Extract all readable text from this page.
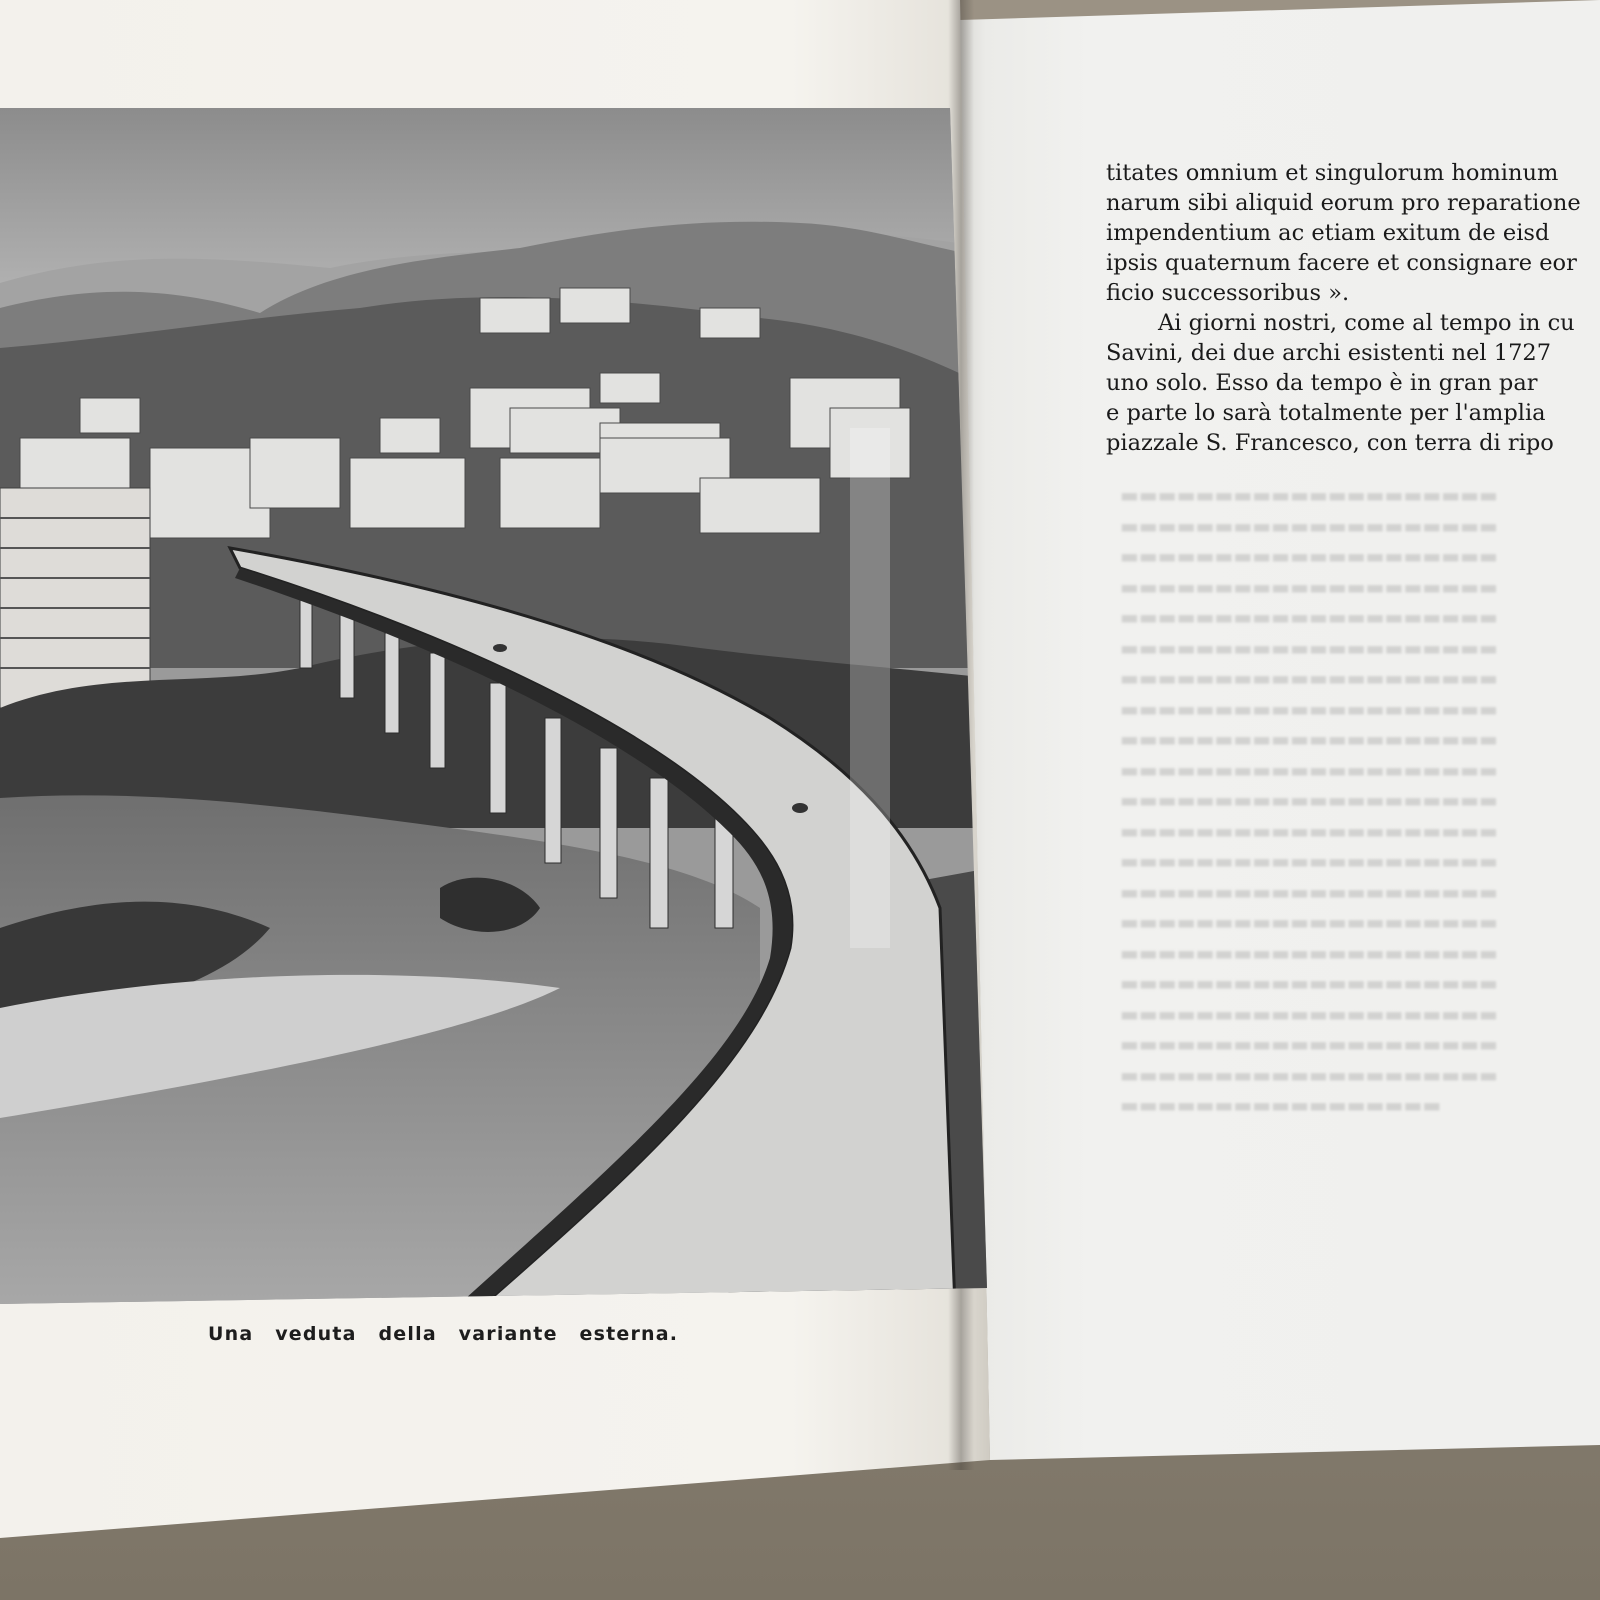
Una veduta della variante esterna.
titates omnium et singulorum hominum
narum sibi aliquid eorum pro reparatione
impendentium ac etiam exitum de eisd
ipsis quaternum facere et consignare eor
ficio successoribus ».
Ai giorni nostri, come al tempo in cu
Savini, dei due archi esistenti nel 1727
uno solo. Esso da tempo è in gran par
e parte lo sarà totalmente per l'amplia
piazzale S. Francesco, con terra di ripo
▬▬▬▬▬▬▬▬▬▬▬▬▬▬▬▬▬▬▬▬
▬▬▬▬▬▬▬▬▬▬▬▬▬▬▬▬▬▬▬▬
▬▬▬▬▬▬▬▬▬▬▬▬▬▬▬▬▬▬▬▬
▬▬▬▬▬▬▬▬▬▬▬▬▬▬▬▬▬▬▬▬
▬▬▬▬▬▬▬▬▬▬▬▬▬▬▬▬▬▬▬▬
▬▬▬▬▬▬▬▬▬▬▬▬▬▬▬▬▬▬▬▬
▬▬▬▬▬▬▬▬▬▬▬▬▬▬▬▬▬▬▬▬
▬▬▬▬▬▬▬▬▬▬▬▬▬▬▬▬▬▬▬▬
▬▬▬▬▬▬▬▬▬▬▬▬▬▬▬▬▬▬▬▬
▬▬▬▬▬▬▬▬▬▬▬▬▬▬▬▬▬▬▬▬
▬▬▬▬▬▬▬▬▬▬▬▬▬▬▬▬▬▬▬▬
▬▬▬▬▬▬▬▬▬▬▬▬▬▬▬▬▬▬▬▬
▬▬▬▬▬▬▬▬▬▬▬▬▬▬▬▬▬▬▬▬
▬▬▬▬▬▬▬▬▬▬▬▬▬▬▬▬▬▬▬▬
▬▬▬▬▬▬▬▬▬▬▬▬▬▬▬▬▬▬▬▬
▬▬▬▬▬▬▬▬▬▬▬▬▬▬▬▬▬▬▬▬
▬▬▬▬▬▬▬▬▬▬▬▬▬▬▬▬▬▬▬▬
▬▬▬▬▬▬▬▬▬▬▬▬▬▬▬▬▬▬▬▬
▬▬▬▬▬▬▬▬▬▬▬▬▬▬▬▬▬▬▬▬
▬▬▬▬▬▬▬▬▬▬▬▬▬▬▬▬▬▬▬▬
▬▬▬▬▬▬▬▬▬▬▬▬▬▬▬▬▬
